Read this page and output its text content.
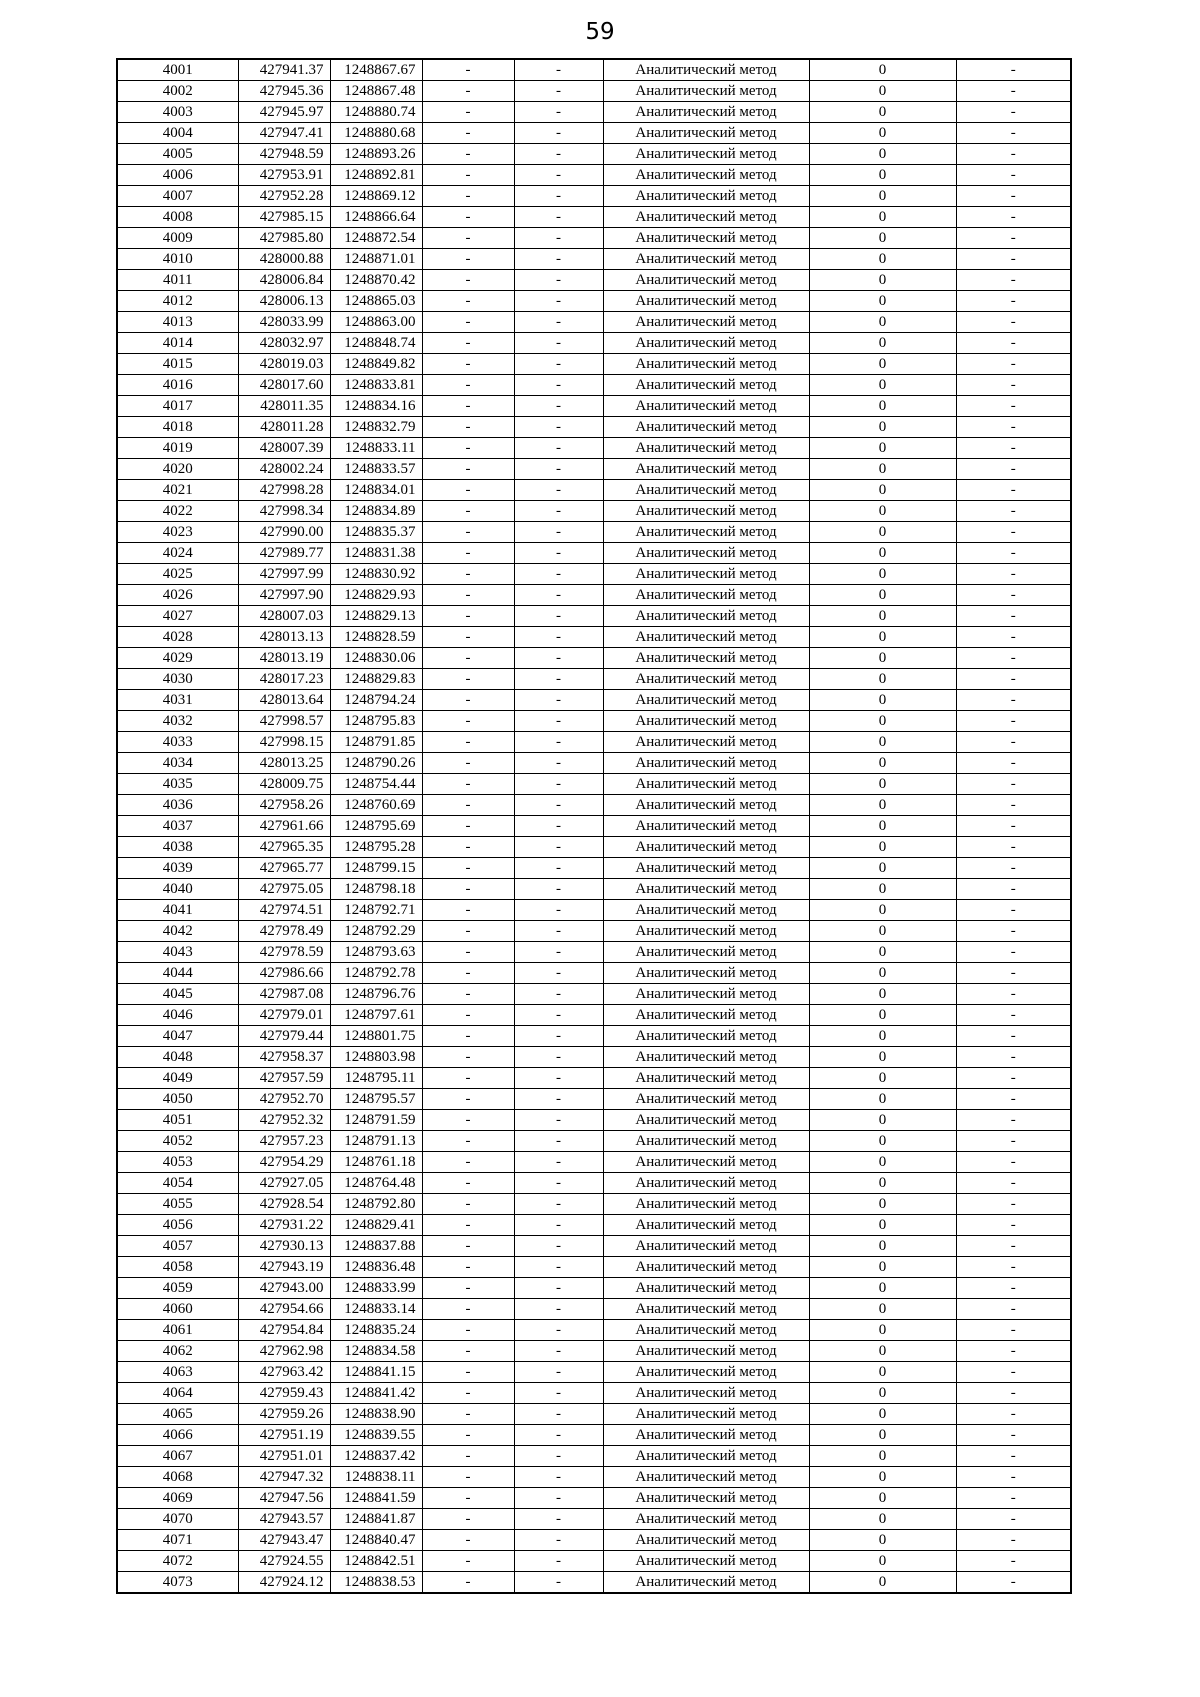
59
4001	427941.37	1248867.67	-	-	Аналитический метод	0	-
4002	427945.36	1248867.48	-	-	Аналитический метод	0	-
4003	427945.97	1248880.74	-	-	Аналитический метод	0	-
4004	427947.41	1248880.68	-	-	Аналитический метод	0	-
4005	427948.59	1248893.26	-	-	Аналитический метод	0	-
4006	427953.91	1248892.81	-	-	Аналитический метод	0	-
4007	427952.28	1248869.12	-	-	Аналитический метод	0	-
4008	427985.15	1248866.64	-	-	Аналитический метод	0	-
4009	427985.80	1248872.54	-	-	Аналитический метод	0	-
4010	428000.88	1248871.01	-	-	Аналитический метод	0	-
4011	428006.84	1248870.42	-	-	Аналитический метод	0	-
4012	428006.13	1248865.03	-	-	Аналитический метод	0	-
4013	428033.99	1248863.00	-	-	Аналитический метод	0	-
4014	428032.97	1248848.74	-	-	Аналитический метод	0	-
4015	428019.03	1248849.82	-	-	Аналитический метод	0	-
4016	428017.60	1248833.81	-	-	Аналитический метод	0	-
4017	428011.35	1248834.16	-	-	Аналитический метод	0	-
4018	428011.28	1248832.79	-	-	Аналитический метод	0	-
4019	428007.39	1248833.11	-	-	Аналитический метод	0	-
4020	428002.24	1248833.57	-	-	Аналитический метод	0	-
4021	427998.28	1248834.01	-	-	Аналитический метод	0	-
4022	427998.34	1248834.89	-	-	Аналитический метод	0	-
4023	427990.00	1248835.37	-	-	Аналитический метод	0	-
4024	427989.77	1248831.38	-	-	Аналитический метод	0	-
4025	427997.99	1248830.92	-	-	Аналитический метод	0	-
4026	427997.90	1248829.93	-	-	Аналитический метод	0	-
4027	428007.03	1248829.13	-	-	Аналитический метод	0	-
4028	428013.13	1248828.59	-	-	Аналитический метод	0	-
4029	428013.19	1248830.06	-	-	Аналитический метод	0	-
4030	428017.23	1248829.83	-	-	Аналитический метод	0	-
4031	428013.64	1248794.24	-	-	Аналитический метод	0	-
4032	427998.57	1248795.83	-	-	Аналитический метод	0	-
4033	427998.15	1248791.85	-	-	Аналитический метод	0	-
4034	428013.25	1248790.26	-	-	Аналитический метод	0	-
4035	428009.75	1248754.44	-	-	Аналитический метод	0	-
4036	427958.26	1248760.69	-	-	Аналитический метод	0	-
4037	427961.66	1248795.69	-	-	Аналитический метод	0	-
4038	427965.35	1248795.28	-	-	Аналитический метод	0	-
4039	427965.77	1248799.15	-	-	Аналитический метод	0	-
4040	427975.05	1248798.18	-	-	Аналитический метод	0	-
4041	427974.51	1248792.71	-	-	Аналитический метод	0	-
4042	427978.49	1248792.29	-	-	Аналитический метод	0	-
4043	427978.59	1248793.63	-	-	Аналитический метод	0	-
4044	427986.66	1248792.78	-	-	Аналитический метод	0	-
4045	427987.08	1248796.76	-	-	Аналитический метод	0	-
4046	427979.01	1248797.61	-	-	Аналитический метод	0	-
4047	427979.44	1248801.75	-	-	Аналитический метод	0	-
4048	427958.37	1248803.98	-	-	Аналитический метод	0	-
4049	427957.59	1248795.11	-	-	Аналитический метод	0	-
4050	427952.70	1248795.57	-	-	Аналитический метод	0	-
4051	427952.32	1248791.59	-	-	Аналитический метод	0	-
4052	427957.23	1248791.13	-	-	Аналитический метод	0	-
4053	427954.29	1248761.18	-	-	Аналитический метод	0	-
4054	427927.05	1248764.48	-	-	Аналитический метод	0	-
4055	427928.54	1248792.80	-	-	Аналитический метод	0	-
4056	427931.22	1248829.41	-	-	Аналитический метод	0	-
4057	427930.13	1248837.88	-	-	Аналитический метод	0	-
4058	427943.19	1248836.48	-	-	Аналитический метод	0	-
4059	427943.00	1248833.99	-	-	Аналитический метод	0	-
4060	427954.66	1248833.14	-	-	Аналитический метод	0	-
4061	427954.84	1248835.24	-	-	Аналитический метод	0	-
4062	427962.98	1248834.58	-	-	Аналитический метод	0	-
4063	427963.42	1248841.15	-	-	Аналитический метод	0	-
4064	427959.43	1248841.42	-	-	Аналитический метод	0	-
4065	427959.26	1248838.90	-	-	Аналитический метод	0	-
4066	427951.19	1248839.55	-	-	Аналитический метод	0	-
4067	427951.01	1248837.42	-	-	Аналитический метод	0	-
4068	427947.32	1248838.11	-	-	Аналитический метод	0	-
4069	427947.56	1248841.59	-	-	Аналитический метод	0	-
4070	427943.57	1248841.87	-	-	Аналитический метод	0	-
4071	427943.47	1248840.47	-	-	Аналитический метод	0	-
4072	427924.55	1248842.51	-	-	Аналитический метод	0	-
4073	427924.12	1248838.53	-	-	Аналитический метод	0	-
